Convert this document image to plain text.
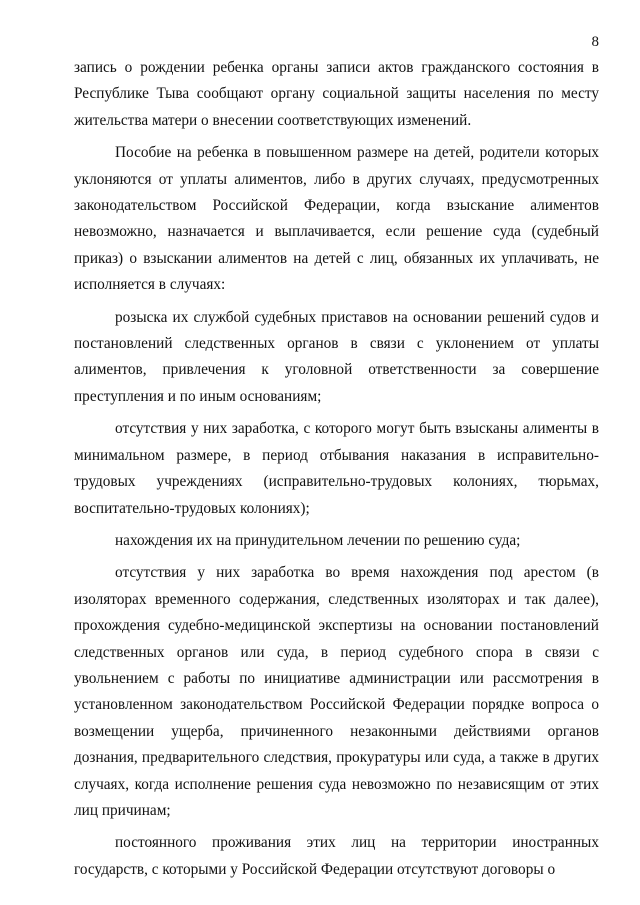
8

запись о рождении ребенка органы записи актов гражданского состояния в Республике Тыва сообщают органу социальной защиты населения по месту жительства матери о внесении соответствующих изменений.

Пособие на ребенка в повышенном размере на детей, родители которых уклоняются от уплаты алиментов, либо в других случаях, предусмотренных законодательством Российской Федерации, когда взыскание алиментов невозможно, назначается и выплачивается, если решение суда (судебный приказ) о взыскании алиментов на детей с лиц, обязанных их уплачивать, не исполняется в случаях:

розыска их службой судебных приставов на основании решений судов и постановлений следственных органов в связи с уклонением от уплаты алиментов, привлечения к уголовной ответственности за совершение преступления и по иным основаниям;

отсутствия у них заработка, с которого могут быть взысканы алименты в минимальном размере, в период отбывания наказания в исправительно-трудовых учреждениях (исправительно-трудовых колониях, тюрьмах, воспитательно-трудовых колониях);

нахождения их на принудительном лечении по решению суда;

отсутствия у них заработка во время нахождения под арестом (в изоляторах временного содержания, следственных изоляторах и так далее), прохождения судебно-медицинской экспертизы на основании постановлений следственных органов или суда, в период судебного спора в связи с увольнением с работы по инициативе администрации или рассмотрения в установленном законодательством Российской Федерации порядке вопроса о возмещении ущерба, причиненного незаконными действиями органов дознания, предварительного следствия, прокуратуры или суда, а также в других случаях, когда исполнение решения суда невозможно по независящим от этих лиц причинам;

постоянного проживания этих лиц на территории иностранных государств, с которыми у Российской Федерации отсутствуют договоры о
